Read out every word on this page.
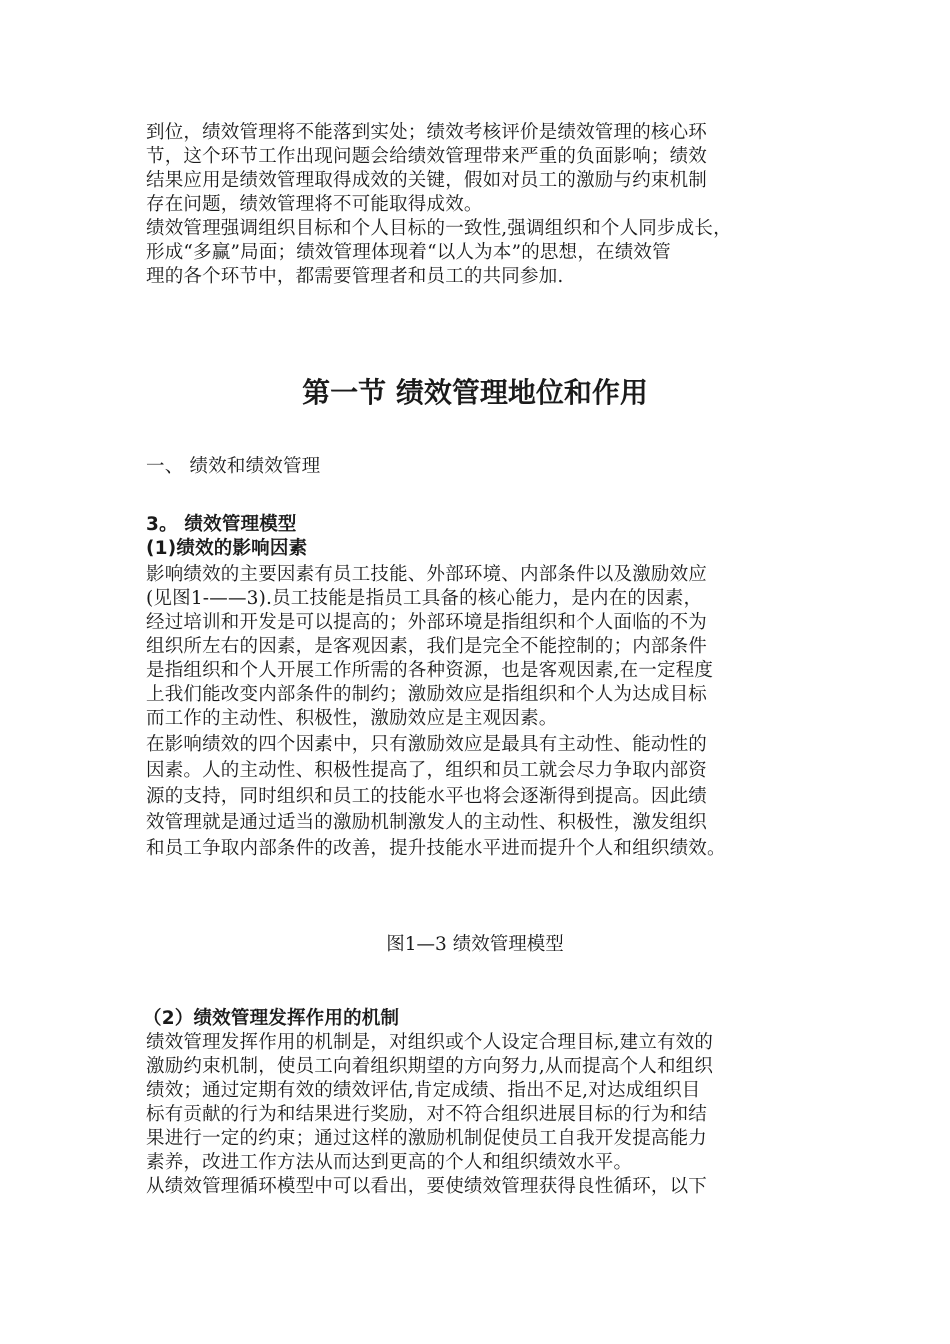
到位，绩效管理将不能落到实处；绩效考核评价是绩效管理的核心环
节，这个环节工作出现问题会给绩效管理带来严重的负面影响；绩效
结果应用是绩效管理取得成效的关键，假如对员工的激励与约束机制
存在问题，绩效管理将不可能取得成效。
绩效管理强调组织目标和个人目标的一致性,强调组织和个人同步成长，
形成“多赢”局面；绩效管理体现着“以人为本”的思想，在绩效管
理的各个环节中，都需要管理者和员工的共同参加.
第一节 绩效管理地位和作用
一、 绩效和绩效管理
3。 绩效管理模型
(1)绩效的影响因素
影响绩效的主要因素有员工技能、外部环境、内部条件以及激励效应
(见图1-——3).员工技能是指员工具备的核心能力，是内在的因素，
经过培训和开发是可以提高的；外部环境是指组织和个人面临的不为
组织所左右的因素，是客观因素，我们是完全不能控制的；内部条件
是指组织和个人开展工作所需的各种资源，也是客观因素,在一定程度
上我们能改变内部条件的制约；激励效应是指组织和个人为达成目标
而工作的主动性、积极性，激励效应是主观因素。
在影响绩效的四个因素中，只有激励效应是最具有主动性、能动性的
因素。人的主动性、积极性提高了，组织和员工就会尽力争取内部资
源的支持，同时组织和员工的技能水平也将会逐渐得到提高。因此绩
效管理就是通过适当的激励机制激发人的主动性、积极性，激发组织
和员工争取内部条件的改善，提升技能水平进而提升个人和组织绩效。
图1—3 绩效管理模型
（2）绩效管理发挥作用的机制
绩效管理发挥作用的机制是，对组织或个人设定合理目标,建立有效的
激励约束机制，使员工向着组织期望的方向努力,从而提高个人和组织
绩效；通过定期有效的绩效评估,肯定成绩、指出不足,对达成组织目
标有贡献的行为和结果进行奖励，对不符合组织进展目标的行为和结
果进行一定的约束；通过这样的激励机制促使员工自我开发提高能力
素养，改进工作方法从而达到更高的个人和组织绩效水平。
从绩效管理循环模型中可以看出，要使绩效管理获得良性循环，以下
